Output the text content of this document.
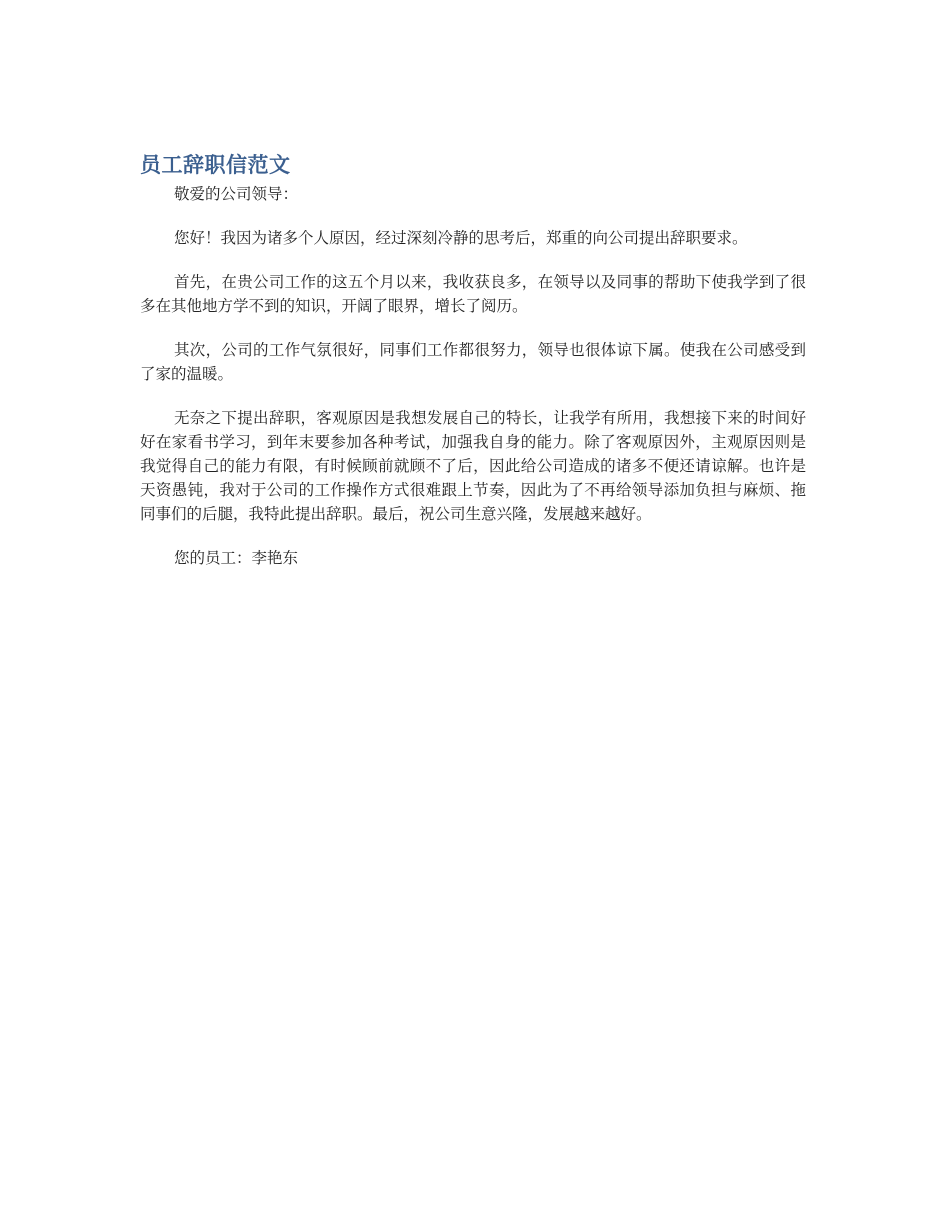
员工辞职信范文

敬爱的公司领导：

您好！我因为诸多个人原因，经过深刻冷静的思考后，郑重的向公司提出辞职要求。

首先，在贵公司工作的这五个月以来，我收获良多，在领导以及同事的帮助下使我学到了很多在其他地方学不到的知识，开阔了眼界，增长了阅历。

其次，公司的工作气氛很好，同事们工作都很努力，领导也很体谅下属。使我在公司感受到了家的温暖。

无奈之下提出辞职，客观原因是我想发展自己的特长，让我学有所用，我想接下来的时间好好在家看书学习，到年末要参加各种考试，加强我自身的能力。除了客观原因外，主观原因则是我觉得自己的能力有限，有时候顾前就顾不了后，因此给公司造成的诸多不便还请谅解。也许是天资愚钝，我对于公司的工作操作方式很难跟上节奏，因此为了不再给领导添加负担与麻烦、拖同事们的后腿，我特此提出辞职。最后，祝公司生意兴隆，发展越来越好。

您的员工：李艳东
